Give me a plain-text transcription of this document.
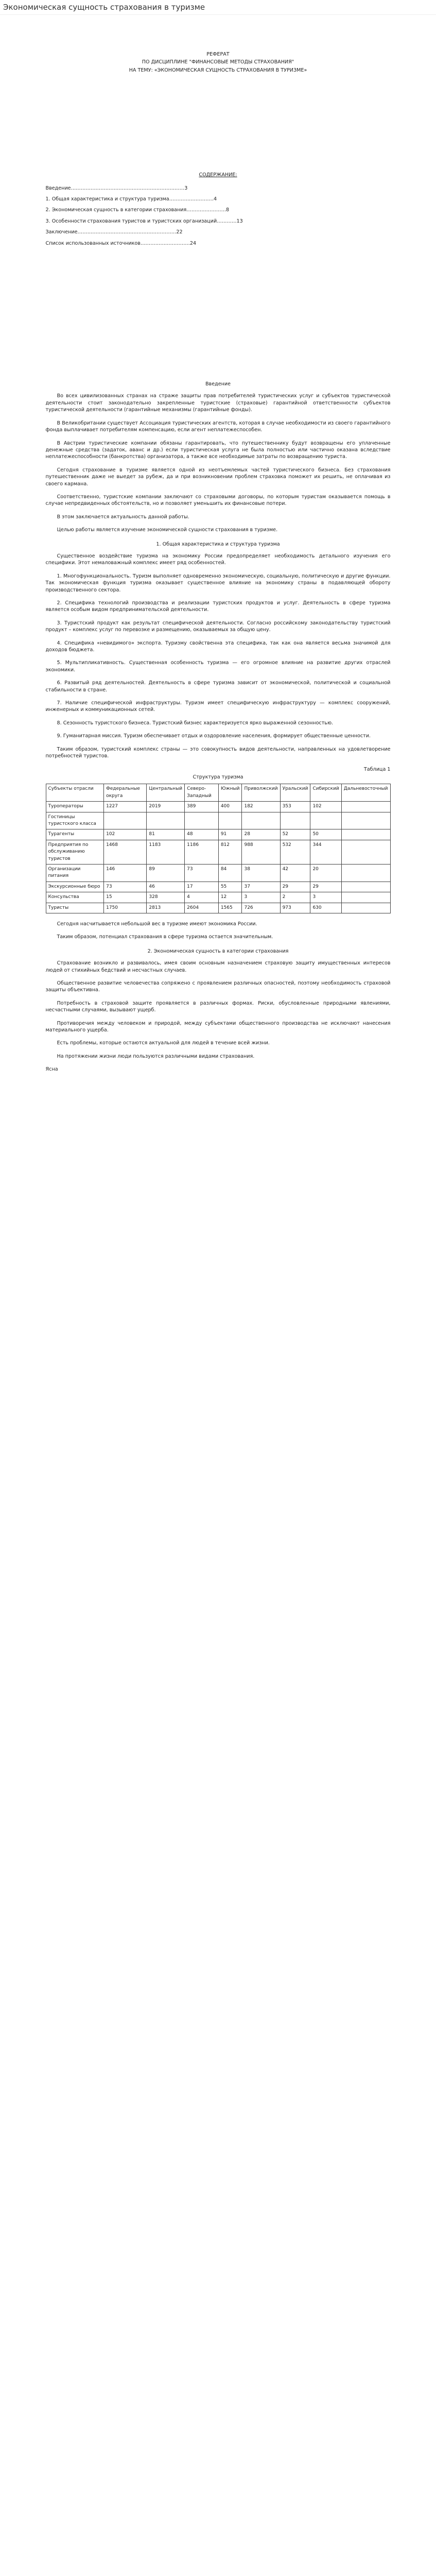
Экономическая сущность страхования в туризме
РЕФЕРАТ
ПО ДИСЦИПЛИНЕ "ФИНАНСОВЫЕ МЕТОДЫ СТРАХОВАНИЯ"
НА ТЕМУ: «ЭКОНОМИЧЕСКАЯ СУЩНОСТЬ СТРАХОВАНИЯ В ТУРИЗМЕ»
СОДЕРЖАНИЕ:
Введение……………………………………………………………3
1. Общая характеристика и структура туризма………………………4
2. Экономическая сущность в категории страхования……………………8
3. Особенности страхования туристов и туристских организаций…………13
Заключение……………………………………………………22
Список использованных источников…………………………24
Введение

Во всех цивилизованных странах на страже защиты прав потребителей туристических услуг и субъектов туристической деятельности стоит законодательно закрепленные туристские (страховые) гарантийной ответственности субъектов туристической деятельности (гарантийные механизмы (гарантийные фонды).

В Великобритании существует Ассоциация туристических агентств, которая в случае необходимости из своего гарантийного фонда выплачивает потребителям компенсацию, если агент неплатежеспособен.

В Австрии туристические компании обязаны гарантировать, что путешественнику будут возвращены его уплаченные денежные средства (задаток, аванс и др.) если туристическая услуга не была полностью или частично оказана вследствие неплатежеспособности (банкротства) организатора, а также все необходимые затраты по возвращению туриста.

Сегодня страхование в туризме является одной из неотъемлемых частей туристического бизнеса. Без страхования путешественник даже не выедет за рубеж, да и при возникновении проблем страховка поможет их решить, не оплачивая из своего кармана.

Соответственно, туристские компании заключают со страховыми договоры, по которым туристам оказывается помощь в случае непредвиденных обстоятельств, но и позволяет уменьшить их финансовые потери.

В этом заключается актуальность данной работы.

Целью работы является изучение экономической сущности страхования в туризме.

1. Общая характеристика и структура туризма

Существенное воздействие туризма на экономику России предопределяет необходимость детального изучения его специфики. Этот немаловажный комплекс имеет ряд особенностей.

1. Многофункциональность. Туризм выполняет одновременно экономическую, социальную, политическую и другие функции. Так экономическая функция туризма оказывает существенное влияние на экономику страны в подавляющей обороту производственного сектора.

2. Специфика технологий производства и реализации туристских продуктов и услуг. Деятельность в сфере туризма является особым видом предпринимательской деятельности.

3. Туристский продукт как результат специфической деятельности. Согласно российскому законодательству туристский продукт – комплекс услуг по перевозке и размещению, оказываемых за общую цену.

4. Специфика «невидимого» экспорта. Туризму свойственна эта специфика, так как она является весьма значимой для доходов бюджета.

5. Мультипликативность. Существенная особенность туризма — его огромное влияние на развитие других отраслей экономики.

6. Развитый ряд деятельностей. Деятельность в сфере туризма зависит от экономической, политической и социальной стабильности в стране.

7. Наличие специфической инфраструктуры. Туризм имеет специфическую инфраструктуру — комплекс сооружений, инженерных и коммуникационных сетей.

8. Сезонность туристского бизнеса. Туристский бизнес характеризуется ярко выраженной сезонностью.

9. Гуманитарная миссия. Туризм обеспечивает отдых и оздоровление населения, формирует общественные ценности.

Таким образом, туристский комплекс страны — это совокупность видов деятельности, направленных на удовлетворение потребностей туристов.

Таблица 1
Структура туризма
Субъекты отрасли	Федеральные округа	Центральный	Северо-Западный	Южный	Приволжский	Уральский	Сибирский	Дальневосточный
Туроператоры	1227	2019	389	400	182	353	102	
Гостиницы туристского класса								
Турагенты	102	81	48	91	28	52	50	
Предприятия по обслуживанию туристов	1468	1183	1186	812	988	532	344	
Организации питания	146	89	73	84	38	42	20	
Экскурсионные бюро	73	46	17	55	37	29	29	
Консульства	15	328	4	12	3	2	3	
Туристы	1750	2813	2604	1565	726	973	630	

Сегодня насчитывается небольшой вес в туризме имеют экономика России.

Таким образом, потенциал страхования в сфере туризма остается значительным.

2. Экономическая сущность в категории страхования

Страхование возникло и развивалось, имея своим основным назначением страховую защиту имущественных интересов людей от стихийных бедствий и несчастных случаев.

Общественное развитие человечества сопряжено с проявлением различных опасностей, поэтому необходимость страховой защиты объективна.

Потребность в страховой защите проявляется в различных формах. Риски, обусловленные природными явлениями, несчастными случаями, вызывают ущерб.

Противоречия между человеком и природой, между субъектами общественного производства не исключают нанесения материального ущерба.

Есть проблемы, которые остаются актуальной для людей в течение всей жизни.

На протяжении жизни люди пользуются различными видами страхования.

Ясна
